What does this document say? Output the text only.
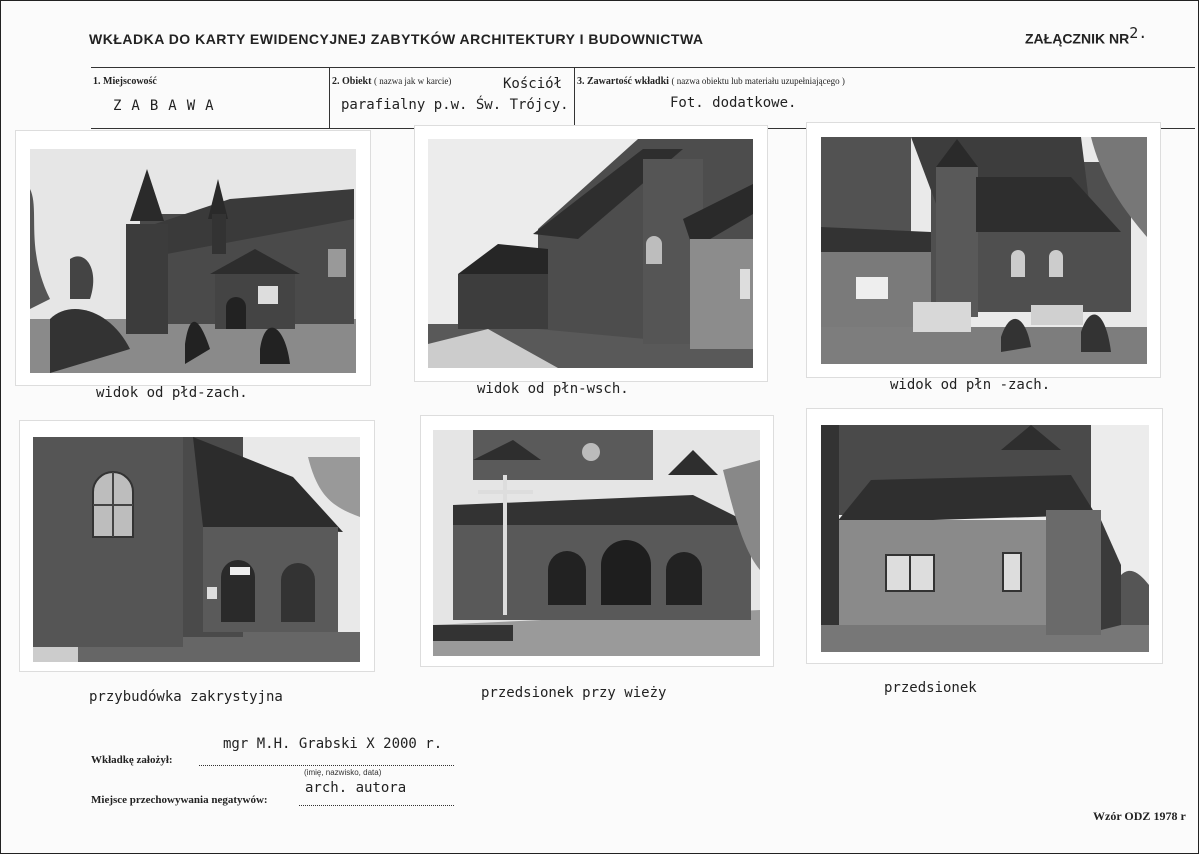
WKŁADKA DO KARTY EWIDENCYJNEJ ZABYTKÓW ARCHITEKTURY I BUDOWNICTWA	ZAŁĄCZNIK $NR^{2.}$
1. Miejscowość
ZABAWA
2. Obiekt ( nazwa jak w karcie)	Kościół
parafialny p.w. Św. Trójcy.
3. Zawartość wkładki ( nazwa obiektu lub materiału uzupełniającego )
Fot. dodatkowe.
widok od płd-zach.	widok od płn-wsch.	widok od płn -zach.
przybudówka zakrystyjna	przedsionek przy wieży	przedsionek
Wkładkę założył:
mgr M.H. Grabski X 2000 r.
(imię, nazwisko, data)
Miejsce przechowywania negatywów:
arch. autora
Wzór ODZ 1978 r
